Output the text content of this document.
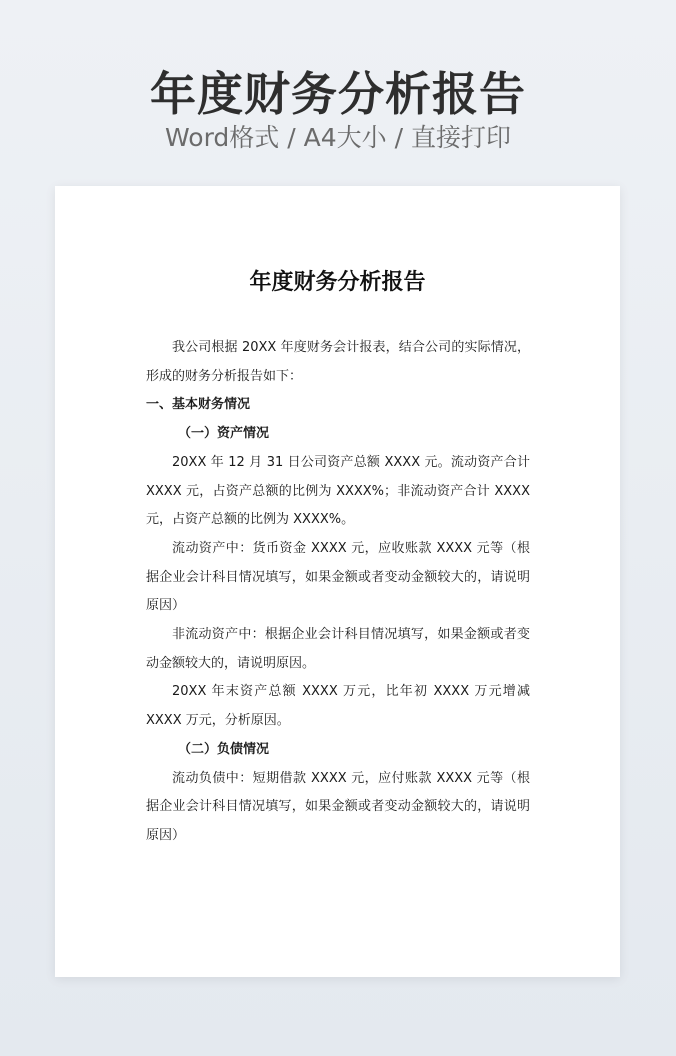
年度财务分析报告
Word格式 / A4大小 / 直接打印
年度财务分析报告

我公司根据 20XX 年度财务会计报表，结合公司的实际情况，形成的财务分析报告如下：

一、基本财务情况

（一）资产情况

20XX 年 12 月 31 日公司资产总额 XXXX 元。流动资产合计 XXXX 元，占资产总额的比例为 XXXX%；非流动资产合计 XXXX 元，占资产总额的比例为 XXXX%。

流动资产中：货币资金 XXXX 元，应收账款 XXXX 元等（根据企业会计科目情况填写，如果金额或者变动金额较大的，请说明原因）

非流动资产中：根据企业会计科目情况填写，如果金额或者变动金额较大的，请说明原因。

20XX 年末资产总额 XXXX 万元，比年初 XXXX 万元增减 XXXX 万元，分析原因。

（二）负债情况

流动负债中：短期借款 XXXX 元，应付账款 XXXX 元等（根据企业会计科目情况填写，如果金额或者变动金额较大的，请说明原因）
